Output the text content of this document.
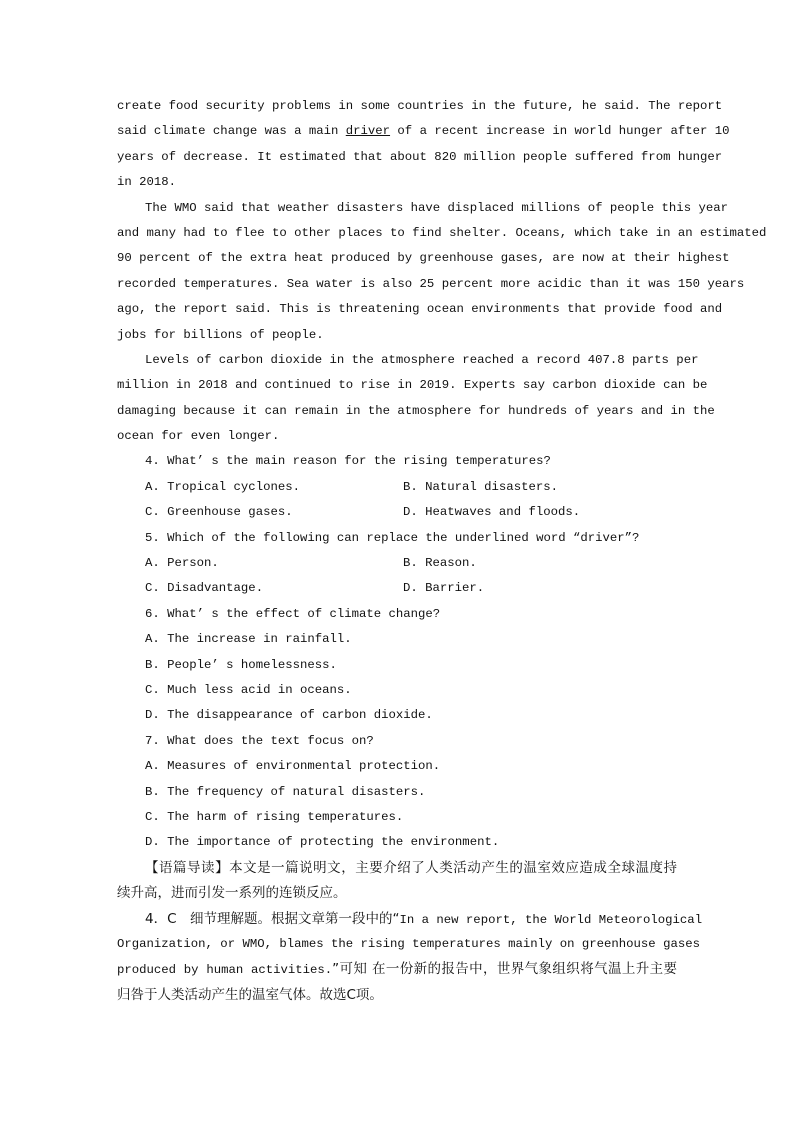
create food security problems in some countries in the future, he said. The report
said climate change was a main driver of a recent increase in world hunger after 10
years of decrease. It estimated that about 820 million people suffered from hunger
in 2018.
The WMO said that weather disasters have displaced millions of people this year
and many had to flee to other places to find shelter. Oceans, which take in an estimated
90 percent of the extra heat produced by greenhouse gases, are now at their highest
recorded temperatures. Sea water is also 25 percent more acidic than it was 150 years
ago, the report said. This is threatening ocean environments that provide food and
jobs for billions of people.
Levels of carbon dioxide in the atmosphere reached a record 407.8 parts per
million in 2018 and continued to rise in 2019. Experts say carbon dioxide can be
damaging because it can remain in the atmosphere for hundreds of years and in the
ocean for even longer.
4. What’ s the main reason for the rising temperatures?
A. Tropical cyclones.	B. Natural disasters.
C. Greenhouse gases.	D. Heatwaves and floods.
5. Which of the following can replace the underlined word “driver”?
A. Person.	B. Reason.
C. Disadvantage.	D. Barrier.
6. What’ s the effect of climate change?
A. The increase in rainfall.
B. People’ s homelessness.
C. Much less acid in oceans.
D. The disappearance of carbon dioxide.
7. What does the text focus on?
A. Measures of environmental protection.
B. The frequency of natural disasters.
C. The harm of rising temperatures.
D. The importance of protecting the environment.
【语篇导读】本文是一篇说明文，主要介绍了人类活动产生的温室效应造成全球温度持
续升高，进而引发一系列的连锁反应。
4．C　细节理解题。根据文章第一段中的“In a new report, the World Meteorological
Organization, or WMO, blames the rising temperatures mainly on greenhouse gases
produced by human activities.”可知 在一份新的报告中，世界气象组织将气温上升主要
归咎于人类活动产生的温室气体。故选C项。
